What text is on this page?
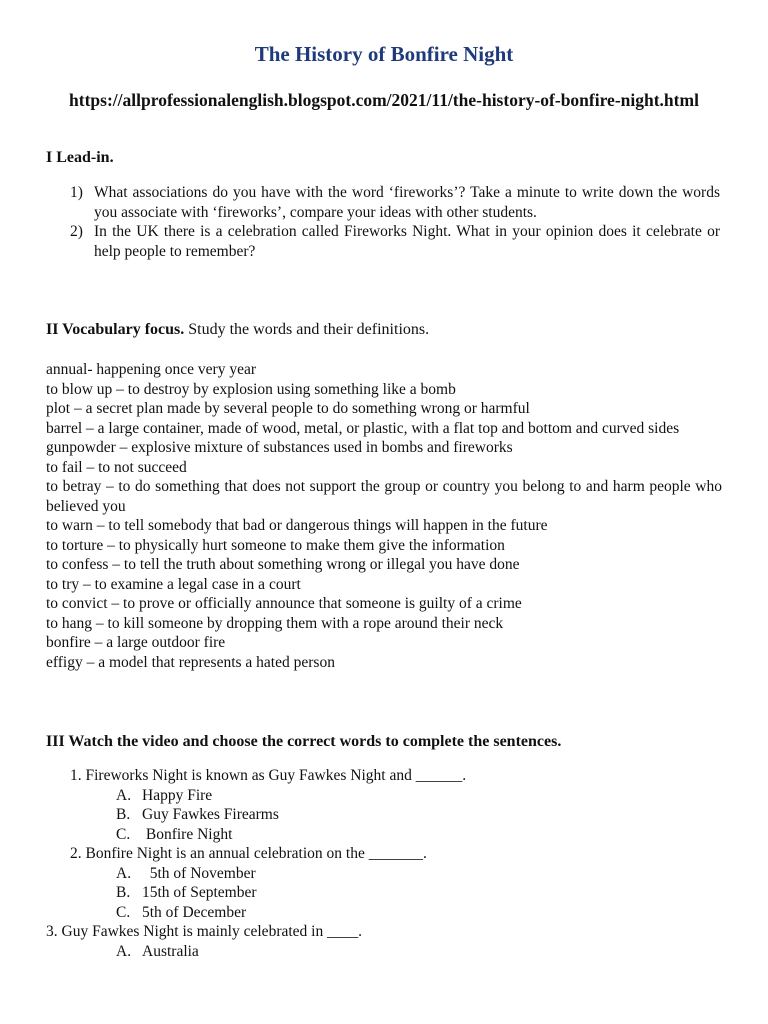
The History of Bonfire Night
https://allprofessionalenglish.blogspot.com/2021/11/the-history-of-bonfire-night.html
I Lead-in.
1) What associations do you have with the word ‘fireworks’? Take a minute to write down the words you associate with ‘fireworks’, compare your ideas with other students.
2) In the UK there is a celebration called Fireworks Night. What in your opinion does it celebrate or help people to remember?
II Vocabulary focus. Study the words and their definitions.
annual- happening once very year
to blow up – to destroy by explosion using something like a bomb
plot – a secret plan made by several people to do something wrong or harmful
barrel – a large container, made of wood, metal, or plastic, with a flat top and bottom and curved sides
gunpowder – explosive mixture of substances used in bombs and fireworks
to fail – to not succeed
to betray – to do something that does not support the group or country you belong to and harm people who believed you
to warn – to tell somebody that bad or dangerous things will happen in the future
to torture – to physically hurt someone to make them give the information
to confess – to tell the truth about something wrong or illegal you have done
to try – to examine a legal case in a court
to convict – to prove or officially announce that someone is guilty of a crime
to hang – to kill someone by dropping them with a rope around their neck
bonfire – a large outdoor fire
effigy – a model that represents a hated person
III Watch the video and choose the correct words to complete the sentences.
1. Fireworks Night is known as Guy Fawkes Night and ______.
A. Happy Fire
B. Guy Fawkes Firearms
C. Bonfire Night
2. Bonfire Night is an annual celebration on the _______.
A. 5th of November
B. 15th of September
C. 5th of December
3. Guy Fawkes Night is mainly celebrated in ____.
A. Australia
